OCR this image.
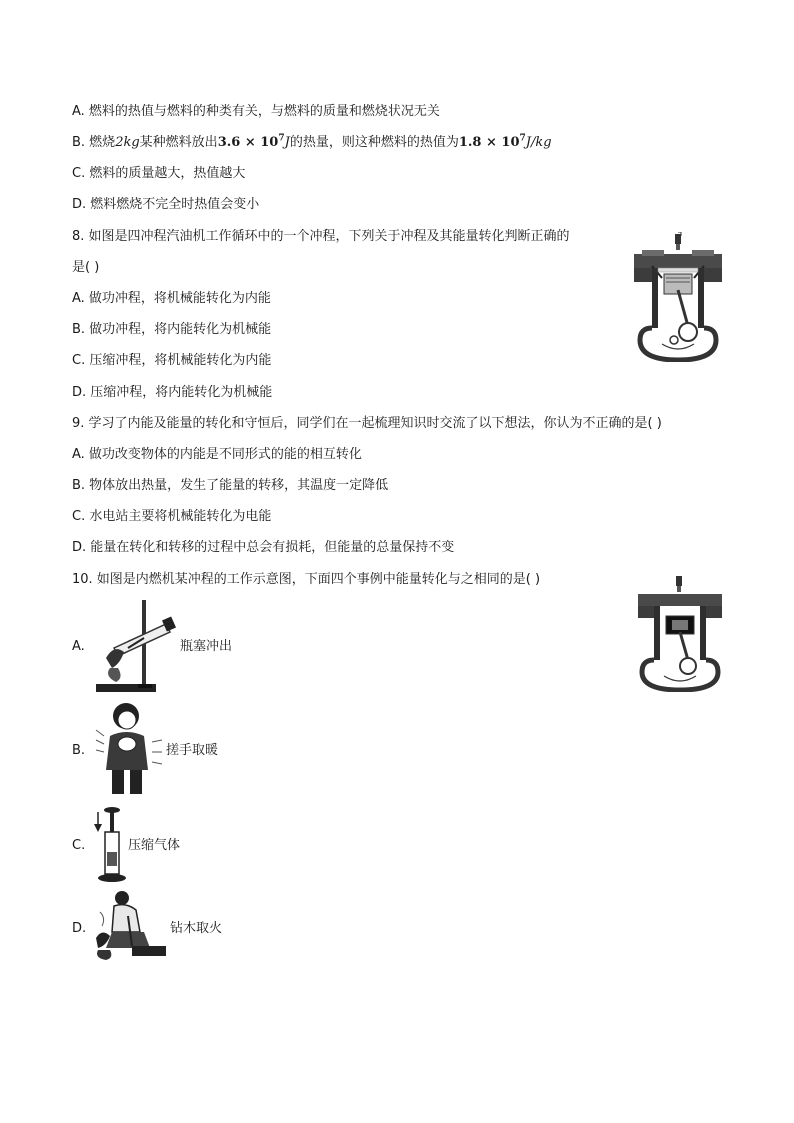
A. 燃料的热值与燃料的种类有关，与燃料的质量和燃烧状况无关
B. 燃烧2kg某种燃料放出$3.6 \times 10^7J$的热量，则这种燃料的热值为$1.8 \times 10^7J/kg$
C. 燃料的质量越大，热值越大
D. 燃料燃烧不完全时热值会变小
8. 如图是四冲程汽油机工作循环中的一个冲程，下列关于冲程及其能量转化判断正确的
是( )
A. 做功冲程，将机械能转化为内能
B. 做功冲程，将内能转化为机械能
C. 压缩冲程，将机械能转化为内能
D. 压缩冲程，将内能转化为机械能
9. 学习了内能及能量的转化和守恒后，同学们在一起梳理知识时交流了以下想法，你认为不正确的是( )
A. 做功改变物体的内能是不同形式的能的相互转化
B. 物体放出热量，发生了能量的转移，其温度一定降低
C. 水电站主要将机械能转化为电能
D. 能量在转化和转移的过程中总会有损耗，但能量的总量保持不变
10. 如图是内燃机某冲程的工作示意图，下面四个事例中能量转化与之相同的是( )
A.	瓶塞冲出
B.	搓手取暖
C.	压缩气体
D.	钻木取火
